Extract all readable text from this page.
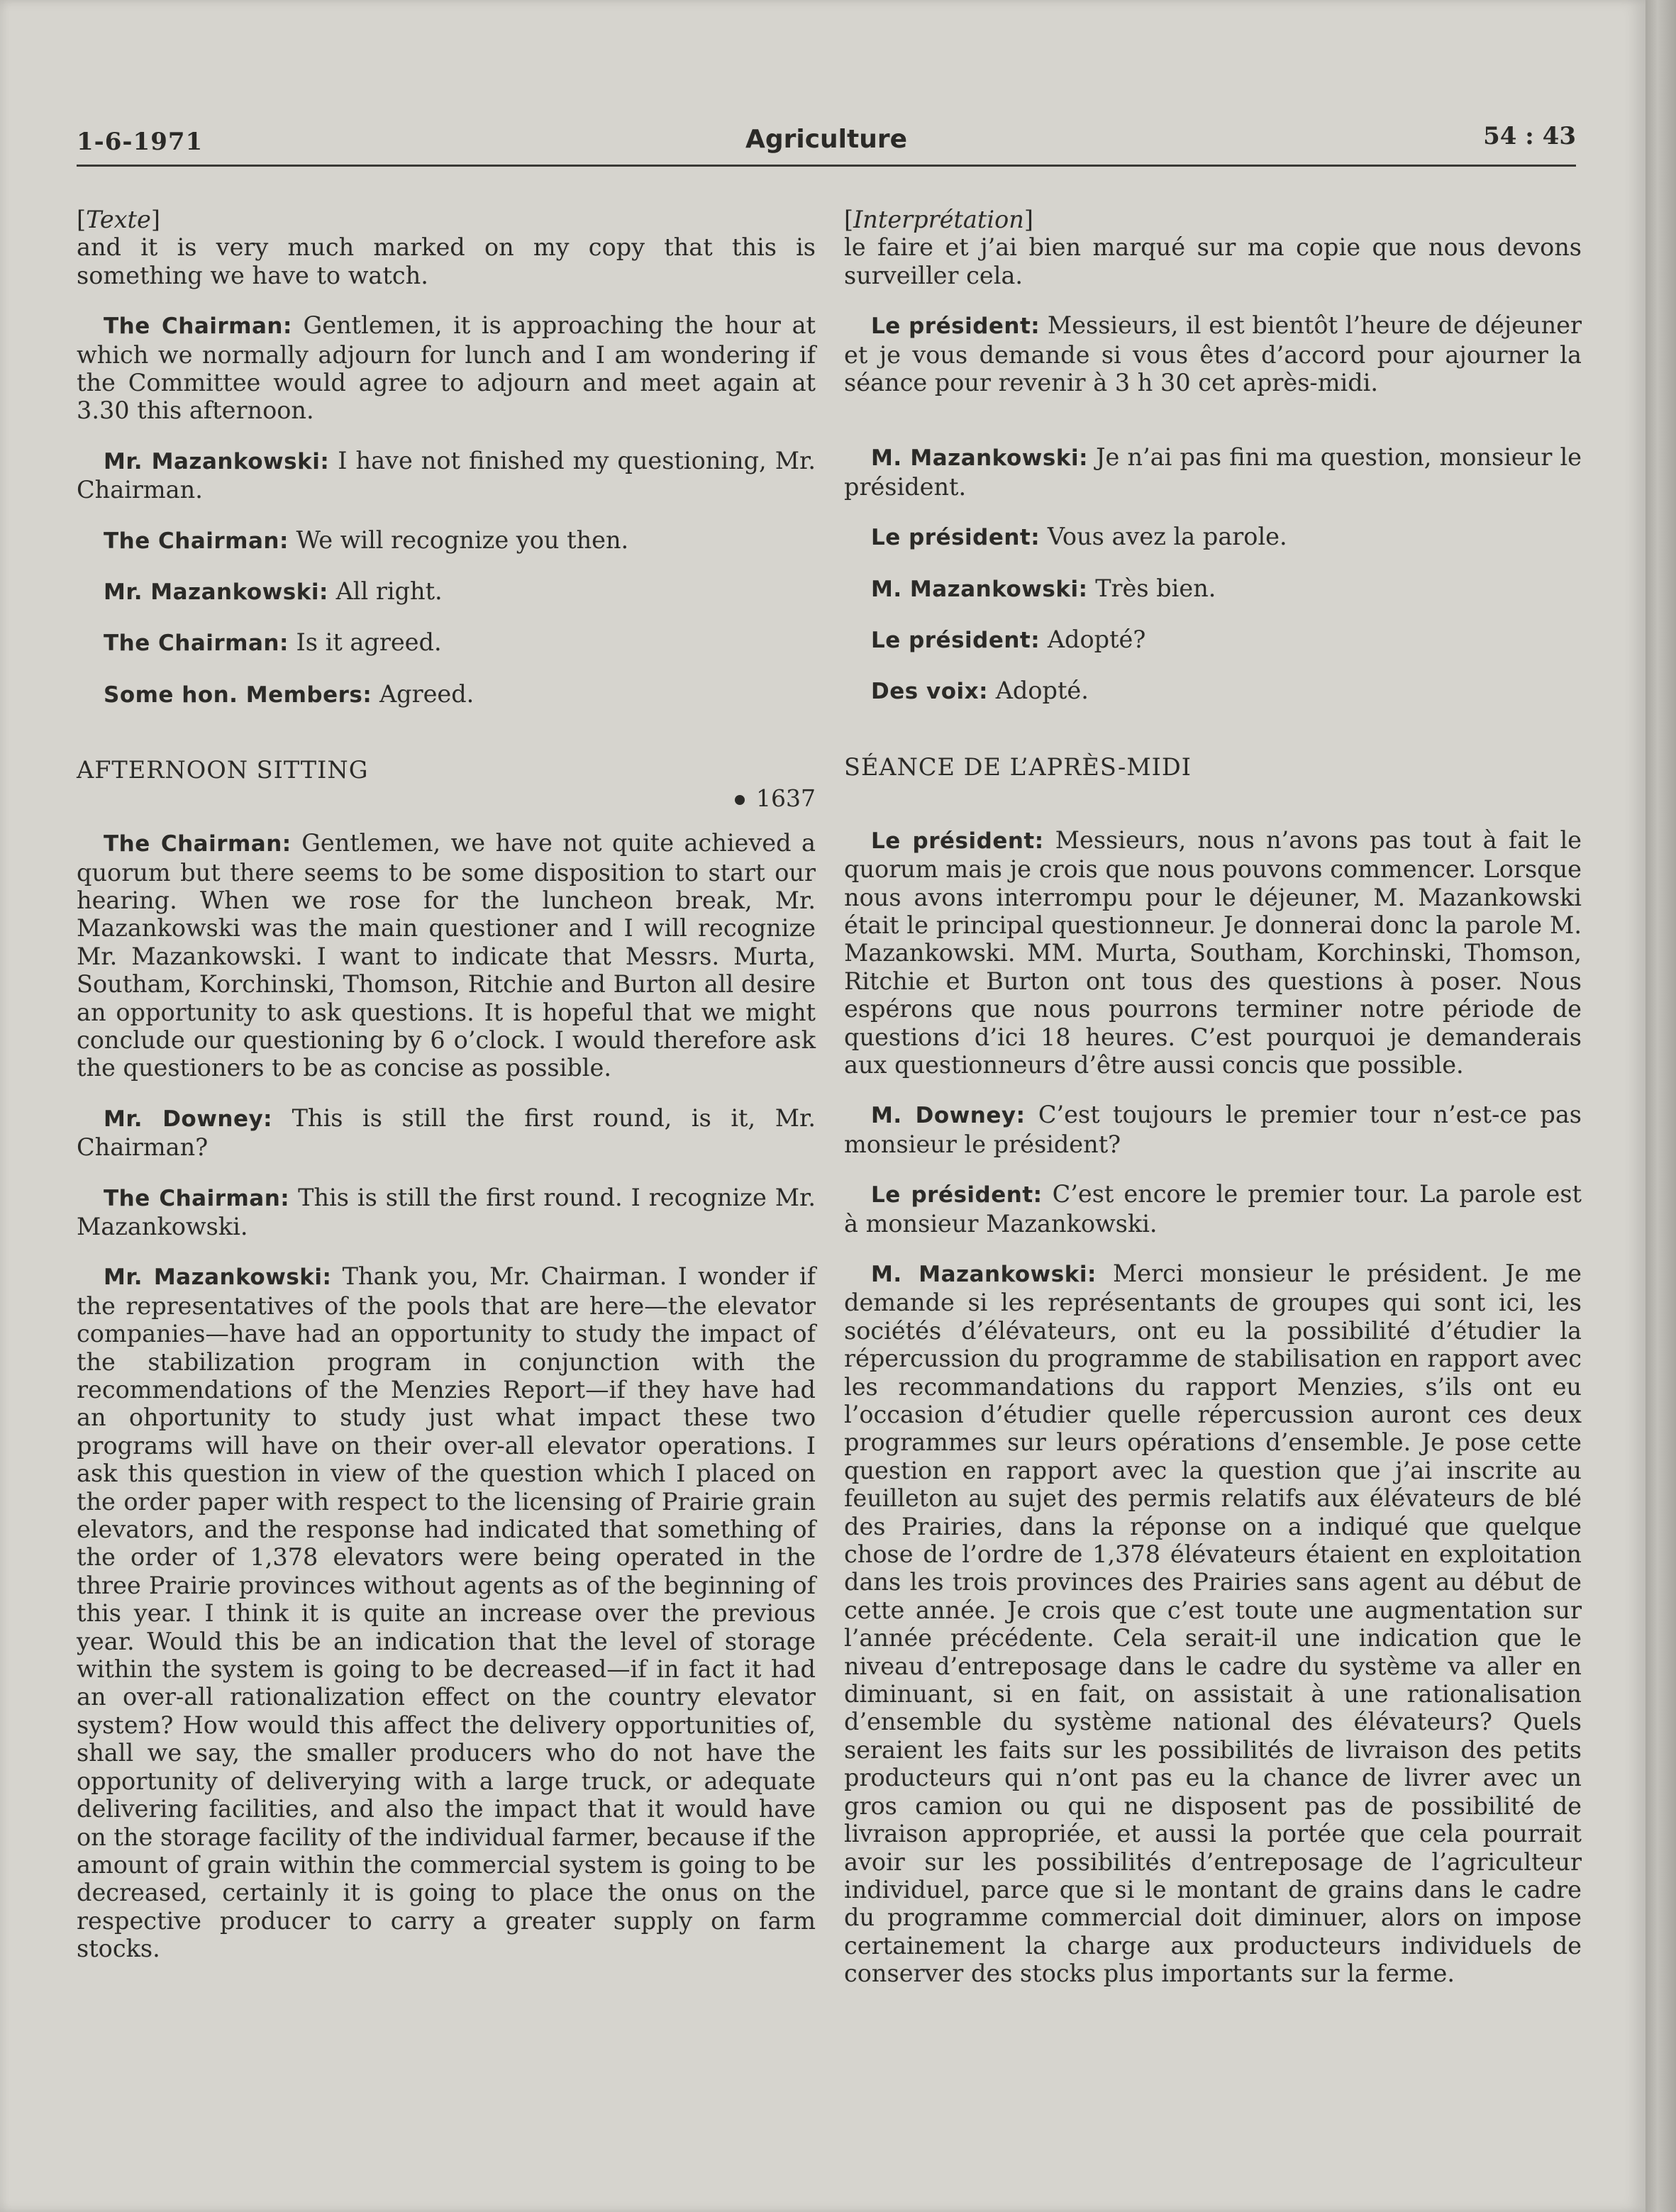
1-6-1971	Agriculture	54 : 43
[Texte]

and it is very much marked on my copy that this is something we have to watch.

The Chairman: Gentlemen, it is approaching the hour at which we normally adjourn for lunch and I am wondering if the Committee would agree to adjourn and meet again at 3.30 this afternoon.

Mr. Mazankowski: I have not finished my questioning, Mr. Chairman.

The Chairman: We will recognize you then.

Mr. Mazankowski: All right.

The Chairman: Is it agreed.

Some hon. Members: Agreed.

AFTERNOON SITTING
1637

The Chairman: Gentlemen, we have not quite achieved a quorum but there seems to be some disposition to start our hearing. When we rose for the luncheon break, Mr. Mazankowski was the main questioner and I will recognize Mr. Mazankowski. I want to indicate that Messrs. Murta, Southam, Korchinski, Thomson, Ritchie and Burton all desire an opportunity to ask questions. It is hopeful that we might conclude our questioning by 6 o’clock. I would therefore ask the questioners to be as concise as possible.

Mr. Downey: This is still the first round, is it, Mr. Chairman?

The Chairman: This is still the first round. I recognize Mr. Mazankowski.

Mr. Mazankowski: Thank you, Mr. Chairman. I wonder if the representatives of the pools that are here—the elevator companies—have had an opportunity to study the impact of the stabilization program in conjunction with the recommendations of the Menzies Report—if they have had an ohportunity to study just what impact these two programs will have on their over-all elevator operations. I ask this question in view of the question which I placed on the order paper with respect to the licensing of Prairie grain elevators, and the response had indicated that something of the order of 1,378 elevators were being operated in the three Prairie provinces without agents as of the beginning of this year. I think it is quite an increase over the previous year. Would this be an indication that the level of storage within the system is going to be decreased—if in fact it had an over-all rationalization effect on the country elevator system? How would this affect the delivery opportunities of, shall we say, the smaller producers who do not have the opportunity of deliverying with a large truck, or adequate delivering facilities, and also the impact that it would have on the storage facility of the individual farmer, because if the amount of grain within the commercial system is going to be decreased, certainly it is going to place the onus on the respective producer to carry a greater supply on farm stocks.

[Interprétation]

le faire et j’ai bien marqué sur ma copie que nous devons surveiller cela.

Le président: Messieurs, il est bientôt l’heure de déjeuner et je vous demande si vous êtes d’accord pour ajourner la séance pour revenir à 3 h 30 cet après-midi.

M. Mazankowski: Je n’ai pas fini ma question, monsieur le président.

Le président: Vous avez la parole.

M. Mazankowski: Très bien.

Le président: Adopté?

Des voix: Adopté.

SÉANCE DE L’APRÈS-MIDI

Le président: Messieurs, nous n’avons pas tout à fait le quorum mais je crois que nous pouvons commencer. Lorsque nous avons interrompu pour le déjeuner, M. Mazankowski était le principal questionneur. Je donnerai donc la parole M. Mazankowski. MM. Murta, Southam, Korchinski, Thomson, Ritchie et Burton ont tous des questions à poser. Nous espérons que nous pourrons terminer notre période de questions d’ici 18 heures. C’est pourquoi je demanderais aux questionneurs d’être aussi concis que possible.

M. Downey: C’est toujours le premier tour n’est-ce pas monsieur le président?

Le président: C’est encore le premier tour. La parole est à monsieur Mazankowski.

M. Mazankowski: Merci monsieur le président. Je me demande si les représentants de groupes qui sont ici, les sociétés d’élévateurs, ont eu la possibilité d’étudier la répercussion du programme de stabilisation en rapport avec les recommandations du rapport Menzies, s’ils ont eu l’occasion d’étudier quelle répercussion auront ces deux programmes sur leurs opérations d’ensemble. Je pose cette question en rapport avec la question que j’ai inscrite au feuilleton au sujet des permis relatifs aux élévateurs de blé des Prairies, dans la réponse on a indiqué que quelque chose de l’ordre de 1,378 élévateurs étaient en exploitation dans les trois provinces des Prairies sans agent au début de cette année. Je crois que c’est toute une augmentation sur l’année précédente. Cela serait-il une indication que le niveau d’entreposage dans le cadre du système va aller en diminuant, si en fait, on assistait à une rationalisation d’ensemble du système national des élévateurs? Quels seraient les faits sur les possibilités de livraison des petits producteurs qui n’ont pas eu la chance de livrer avec un gros camion ou qui ne disposent pas de possibilité de livraison appropriée, et aussi la portée que cela pourrait avoir sur les possibilités d’entreposage de l’agriculteur individuel, parce que si le montant de grains dans le cadre du programme commercial doit diminuer, alors on impose certainement la charge aux producteurs individuels de conserver des stocks plus importants sur la ferme.
